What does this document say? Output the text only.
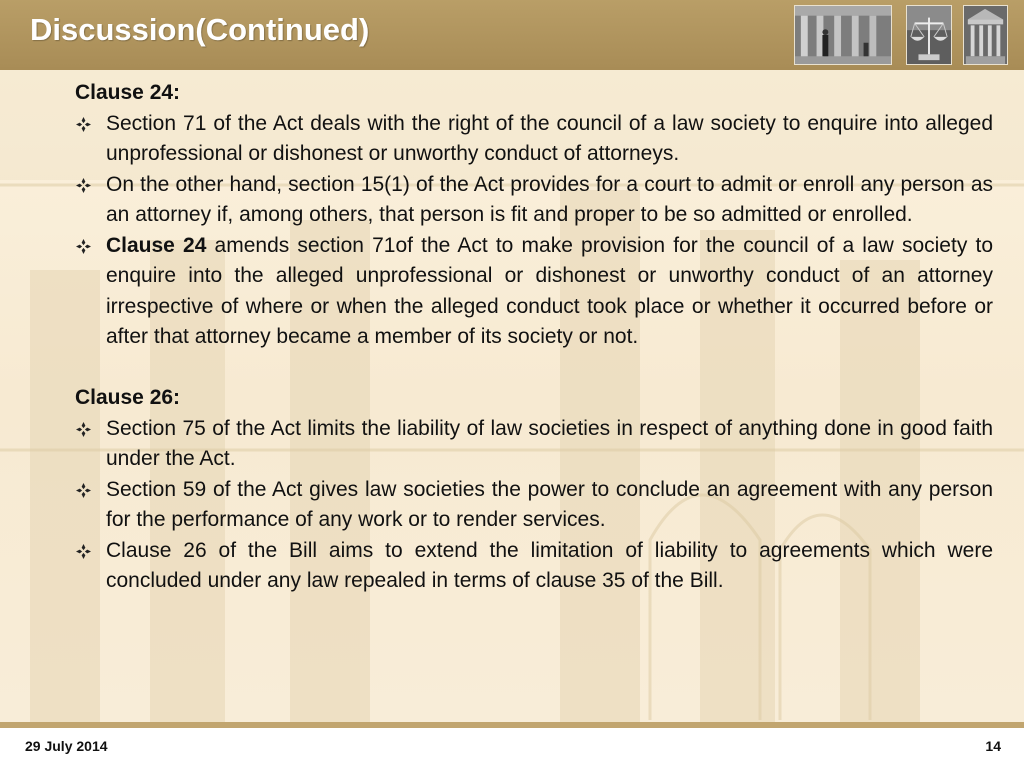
Discussion(Continued)

Clause 24:

Section 71 of the Act deals with the right of the council of a law society to enquire into alleged unprofessional or dishonest or unworthy conduct of attorneys.

On the other hand, section 15(1) of the Act provides for a court to admit or enroll any person as an attorney if, among others, that person is fit and proper to be so admitted or enrolled.

Clause 24 amends section 71of the Act to make provision for the council of a law society to enquire into the alleged unprofessional or dishonest or unworthy conduct of an attorney irrespective of where or when the alleged conduct took place or whether it occurred before or after that attorney became a member of its society or not.

Clause 26:

Section 75 of the Act limits the liability of law societies in respect of anything done in good faith under the Act.

Section 59 of the Act gives law societies the power to conclude an agreement with any person for the performance of any work or to render services.

Clause 26 of the Bill aims to extend the limitation of liability to agreements which were concluded under any law repealed in terms of clause 35 of the Bill.

29 July 2014	14
